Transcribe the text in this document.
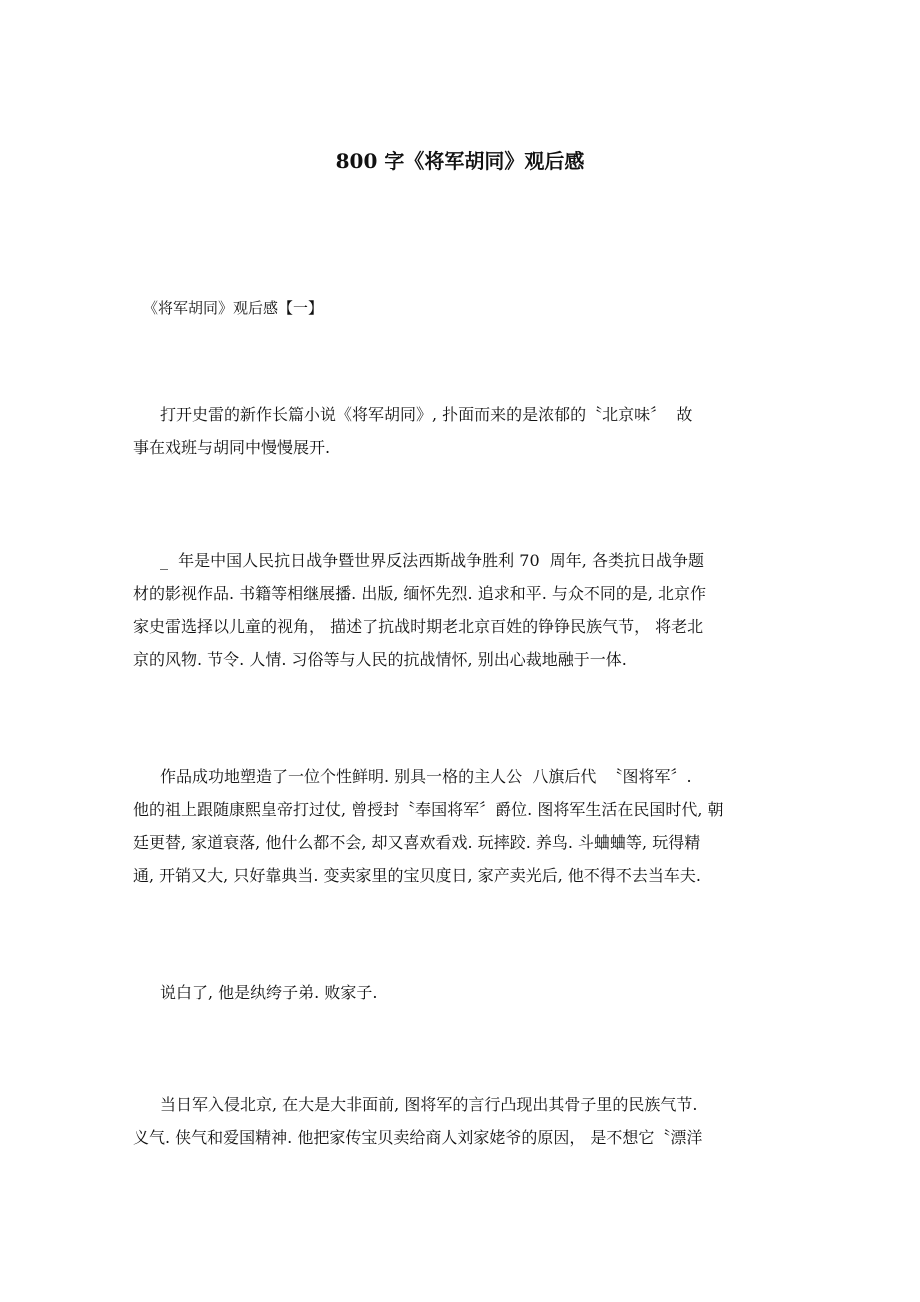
800 字《将军胡同》观后感
《将军胡同》观后感【一】
打开史雷的新作长篇小说《将军胡同》, 扑面而来的是浓郁的〝北京味〞  故
事在戏班与胡同中慢慢展开.
_  年是中国人民抗日战争暨世界反法西斯战争胜利 70  周年, 各类抗日战争题
材的影视作品. 书籍等相继展播. 出版, 缅怀先烈. 追求和平. 与众不同的是, 北京作
家史雷选择以儿童的视角， 描述了抗战时期老北京百姓的铮铮民族气节， 将老北
京的风物. 节令. 人情. 习俗等与人民的抗战情怀, 别出心裁地融于一体.
作品成功地塑造了一位个性鲜明. 别具一格的主人公  八旗后代  〝图将军〞.
他的祖上跟随康熙皇帝打过仗, 曾授封〝奉国将军〞爵位. 图将军生活在民国时代, 朝
廷更替, 家道衰落, 他什么都不会, 却又喜欢看戏. 玩摔跤. 养鸟. 斗蛐蛐等, 玩得精
通, 开销又大, 只好靠典当. 变卖家里的宝贝度日, 家产卖光后, 他不得不去当车夫.
说白了, 他是纨绔子弟. 败家子.
当日军入侵北京, 在大是大非面前, 图将军的言行凸现出其骨子里的民族气节.
义气. 侠气和爱国精神. 他把家传宝贝卖给商人刘家姥爷的原因， 是不想它〝漂洋
